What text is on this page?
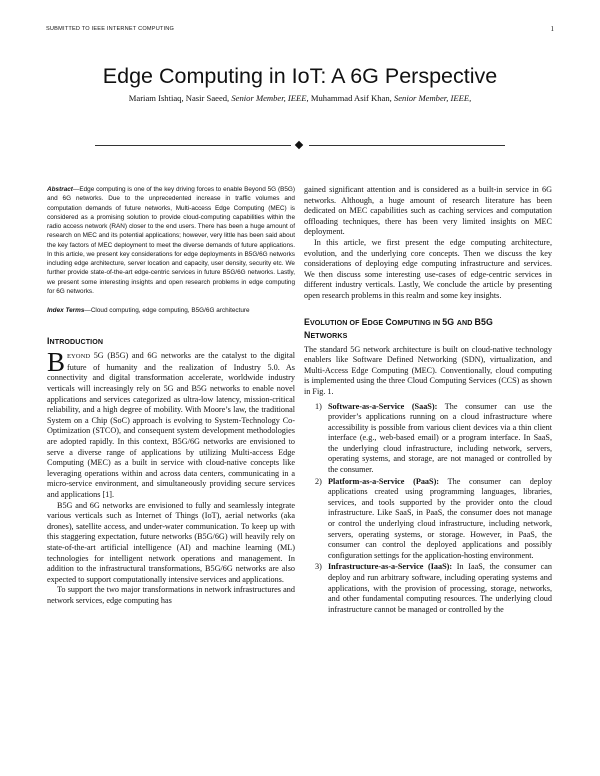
SUBMITTED TO IEEE INTERNET COMPUTING	1
Edge Computing in IoT: A 6G Perspective
Mariam Ishtiaq, Nasir Saeed, Senior Member, IEEE, Muhammad Asif Khan, Senior Member, IEEE,

Abstract—Edge computing is one of the key driving forces to enable Beyond 5G (B5G) and 6G networks. Due to the unprecedented increase in traffic volumes and computation demands of future networks, Multi-access Edge Computing (MEC) is considered as a promising solution to provide cloud-computing capabilities within the radio access network (RAN) closer to the end users. There has been a huge amount of research on MEC and its potential applications; however, very little has been said about the key factors of MEC deployment to meet the diverse demands of future applications. In this article, we present key considerations for edge deployments in B5G/6G networks including edge architecture, server location and capacity, user density, security etc. We further provide state-of-the-art edge-centric services in future B5G/6G networks. Lastly, we present some interesting insights and open research problems in edge computing for 6G networks.

Index Terms—Cloud computing, edge computing, B5G/6G architecture

INTRODUCTION

BEYOND 5G (B5G) and 6G networks are the catalyst to the digital future of humanity and the realization of Industry 5.0. As connectivity and digital transformation accelerate, worldwide industry verticals will increasingly rely on 5G and B5G networks to enable novel applications and services categorized as ultra-low latency, mission-critical reliability, and a high degree of mobility. With Moore’s law, the traditional System on a Chip (SoC) approach is evolving to System-Technology Co-Optimization (STCO), and consequent system development methodologies are adopted rapidly. In this context, B5G/6G networks are envisioned to serve a diverse range of applications by utilizing Multi-access Edge Computing (MEC) as a built in service with cloud-native concepts like leveraging operations within and across data centers, communicating in a micro-service environment, and simultaneously providing secure services and applications [1].

B5G and 6G networks are envisioned to fully and seamlessly integrate various verticals such as Internet of Things (IoT), aerial networks (aka drones), satellite access, and under-water communication. To keep up with this staggering expectation, future networks (B5G/6G) will heavily rely on state-of-the-art artificial intelligence (AI) and machine learning (ML) technologies for intelligent network operations and management. In addition to the infrastructural transformations, B5G/6G networks are also expected to support computationally intensive services and applications.

To support the two major transformations in network infrastructures and network services, edge computing has

gained significant attention and is considered as a built-in service in 6G networks. Although, a huge amount of research literature has been dedicated on MEC capabilities such as caching services and computation offloading techniques, there has been very limited insights on MEC deployment.

In this article, we first present the edge computing architecture, evolution, and the underlying core concepts. Then we discuss the key considerations of deploying edge computing infrastructure and services. We then discuss some interesting use-cases of edge-centric services in different industry verticals. Lastly, We conclude the article by presenting open research problems in this realm and some key insights.

EVOLUTION OF EDGE COMPUTING IN 5G AND B5G
NETWORKS

The standard 5G network architecture is built on cloud-native technology enablers like Software Defined Networking (SDN), virtualization, and Multi-Access Edge Computing (MEC). Conventionally, cloud computing is implemented using the three Cloud Computing Services (CCS) as shown in Fig. 1.

1) Software-as-a-Service (SaaS): The consumer can use the provider’s applications running on a cloud infrastructure where accessibility is possible from various client devices via a thin client interface (e.g., web-based email) or a program interface. In SaaS, the underlying cloud infrastructure, including network, servers, operating systems, and storage, are not managed or controlled by the consumer.
2) Platform-as-a-Service (PaaS): The consumer can deploy applications created using programming languages, libraries, services, and tools supported by the provider onto the cloud infrastructure. Like SaaS, in PaaS, the consumer does not manage or control the underlying cloud infrastructure, including network, servers, operating systems, or storage. However, in PaaS, the consumer can control the deployed applications and possibly configuration settings for the application-hosting environment.
3) Infrastructure-as-a-Service (IaaS): In IaaS, the consumer can deploy and run arbitrary software, including operating systems and applications, with the provision of processing, storage, networks, and other fundamental computing resources. The underlying cloud infrastructure cannot be managed or controlled by the
